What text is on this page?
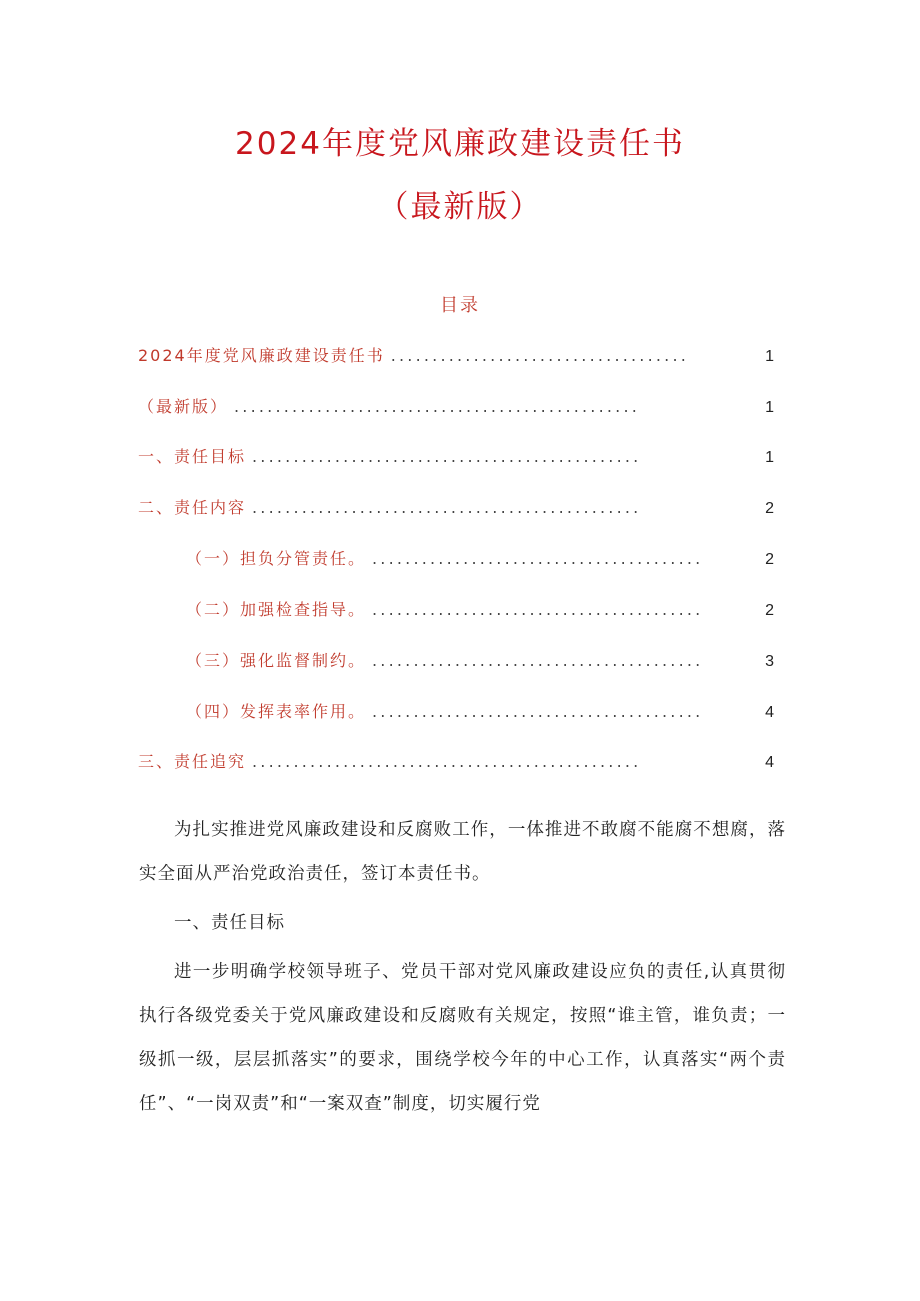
2024年度党风廉政建设责任书
（最新版）
目录
2024年度党风廉政建设责任书 ....................................	1
（最新版） .................................................	1
一、责任目标 ...............................................	1
二、责任内容 ...............................................	2
（一）担负分管责任。 ........................................	2
（二）加强检查指导。 ........................................	2
（三）强化监督制约。 ........................................	3
（四）发挥表率作用。 ........................................	4
三、责任追究 ...............................................	4

为扎实推进党风廉政建设和反腐败工作，一体推进不敢腐不能腐不想腐，落实全面从严治党政治责任，签订本责任书。

一、责任目标

进一步明确学校领导班子、党员干部对党风廉政建设应负的责任,认真贯彻执行各级党委关于党风廉政建设和反腐败有关规定，按照“谁主管，谁负责；一级抓一级，层层抓落实”的要求，围绕学校今年的中心工作，认真落实“两个责任”、“一岗双责”和“一案双查”制度，切实履行党
